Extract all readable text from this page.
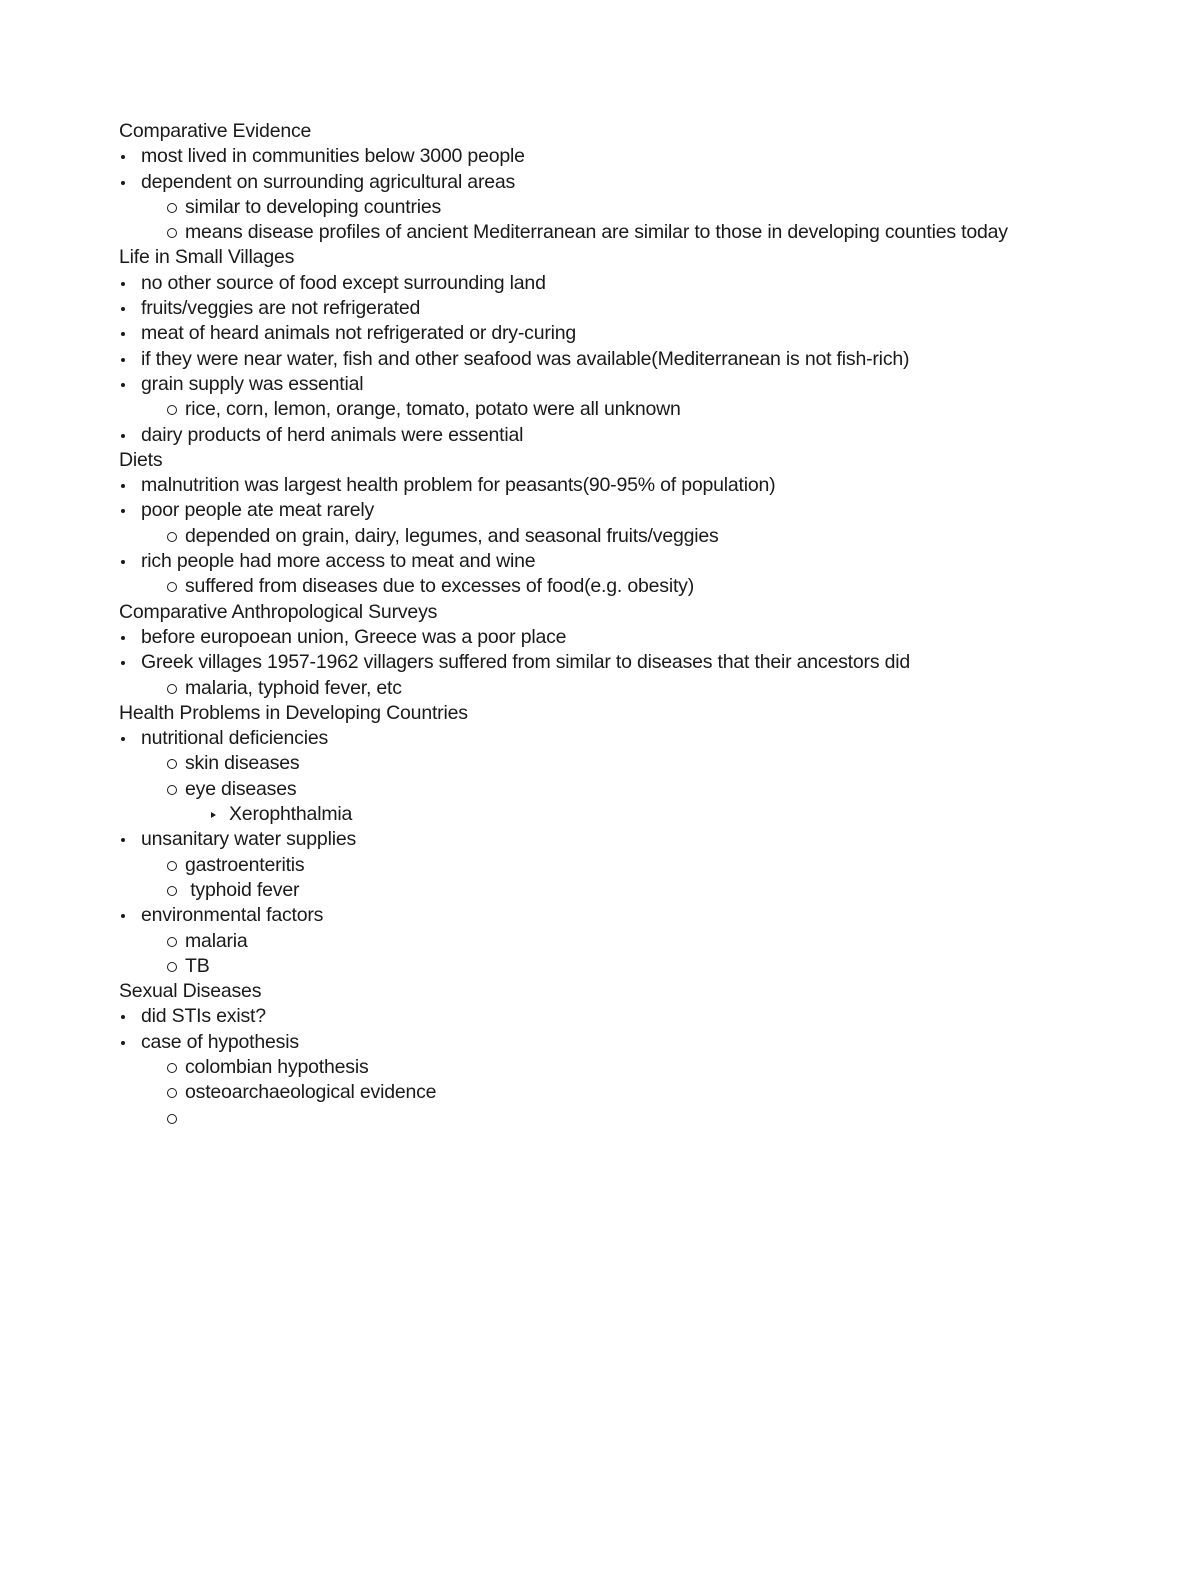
Comparative Evidence
most lived in communities below 3000 people
dependent on surrounding agricultural areas
similar to developing countries
means disease profiles of ancient Mediterranean are similar to those in developing counties today
Life in Small Villages
no other source of food except surrounding land
fruits/veggies are not refrigerated
meat of heard animals not refrigerated or dry-curing
if they were near water, fish and other seafood was available(Mediterranean is not fish-rich)
grain supply was essential
rice, corn, lemon, orange, tomato, potato were all unknown
dairy products of herd animals were essential
Diets
malnutrition was largest health problem for peasants(90-95% of population)
poor people ate meat rarely
depended on grain, dairy, legumes, and seasonal fruits/veggies
rich people had more access to meat and wine
suffered from diseases due to excesses of food(e.g. obesity)
Comparative Anthropological Surveys
before europoean union, Greece was a poor place
Greek villages 1957-1962 villagers suffered from similar to diseases that their ancestors did
malaria, typhoid fever, etc
Health Problems in Developing Countries
nutritional deficiencies
skin diseases
eye diseases
Xerophthalmia
unsanitary water supplies
gastroenteritis
typhoid fever
environmental factors
malaria
TB
Sexual Diseases
did STIs exist?
case of hypothesis
colombian hypothesis
osteoarchaeological evidence
